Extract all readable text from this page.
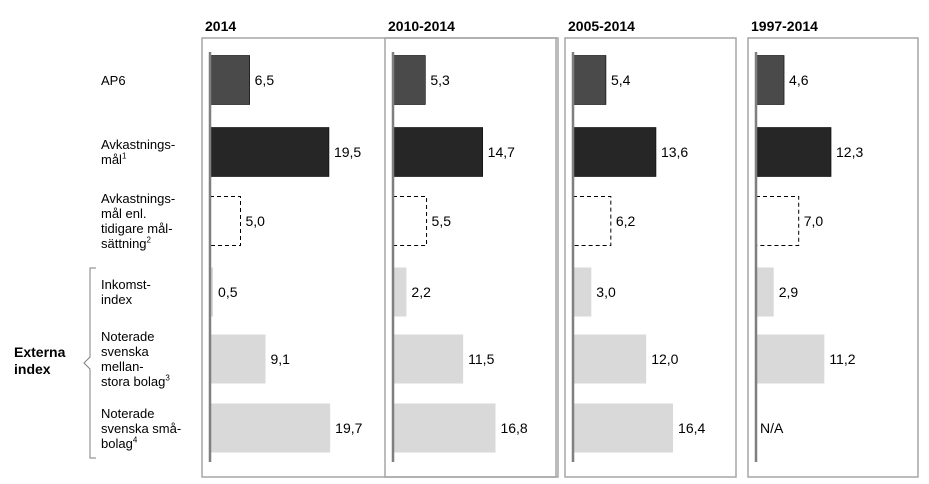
2014
6,5
19,5
5,0
0,5
9,1
19,7
2010-2014
5,3
14,7
5,5
2,2
11,5
16,8
2005-2014
5,4
13,6
6,2
3,0
12,0
16,4
1997-2014
4,6
12,3
7,0
2,9
11,2
N/A
Externa
index
AP6
Avkastnings-
mål$^1$
Avkastnings-
mål enl.
tidigare mål-
sättning$^2$
Inkomst-
index
Noterade
svenska
mellan-
stora bolag$^3$
Noterade
svenska små-
bolag$^4$
